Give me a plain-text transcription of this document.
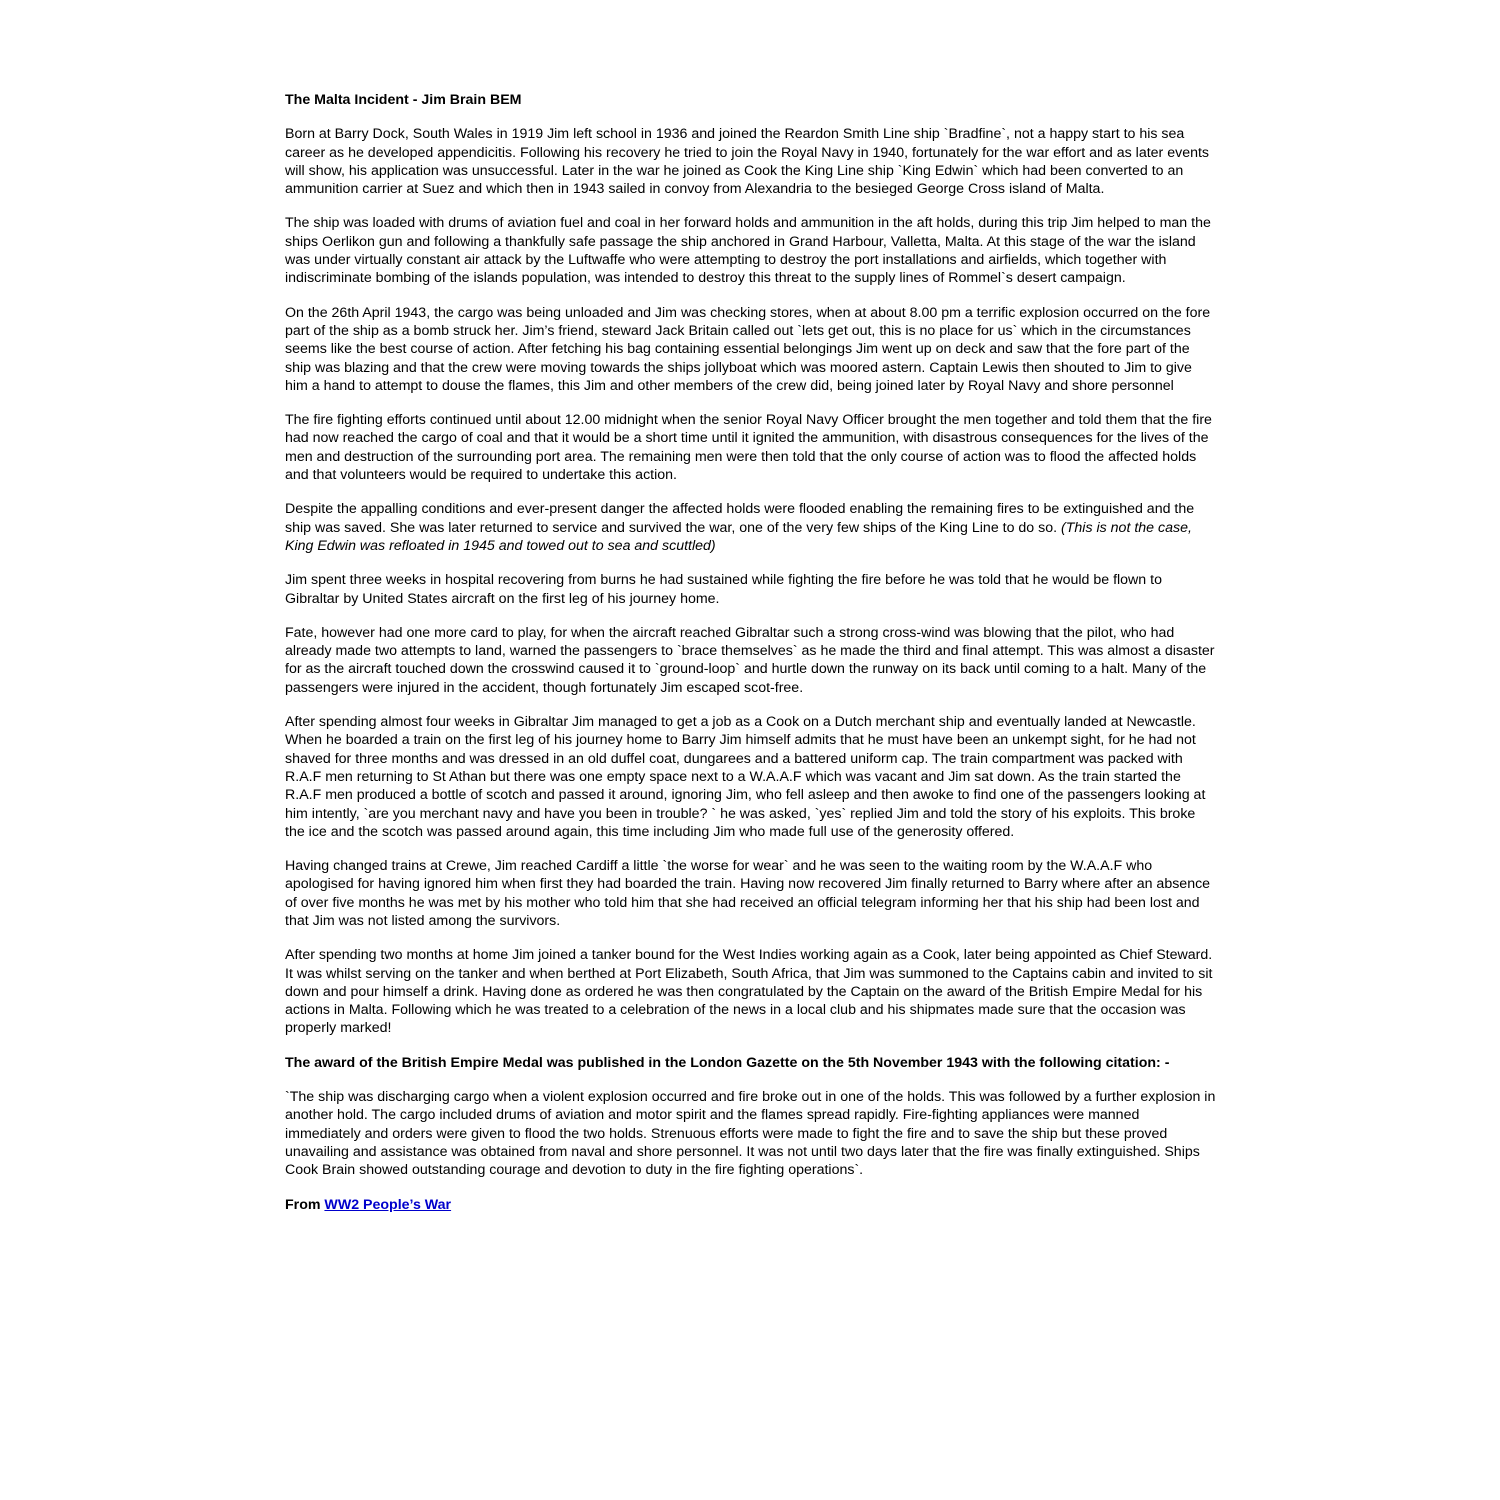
The Malta Incident - Jim Brain BEM

Born at Barry Dock, South Wales in 1919 Jim left school in 1936 and joined the Reardon Smith Line ship `Bradfine`, not a happy start to his sea career as he developed appendicitis. Following his recovery he tried to join the Royal Navy in 1940, fortunately for the war effort and as later events will show, his application was unsuccessful. Later in the war he joined as Cook the King Line ship `King Edwin` which had been converted to an ammunition carrier at Suez and which then in 1943 sailed in convoy from Alexandria to the besieged George Cross island of Malta.

The ship was loaded with drums of aviation fuel and coal in her forward holds and ammunition in the aft holds, during this trip Jim helped to man the ships Oerlikon gun and following a thankfully safe passage the ship anchored in Grand Harbour, Valletta, Malta. At this stage of the war the island was under virtually constant air attack by the Luftwaffe who were attempting to destroy the port installations and airfields, which together with indiscriminate bombing of the islands population, was intended to destroy this threat to the supply lines of Rommel`s desert campaign.

On the 26th April 1943, the cargo was being unloaded and Jim was checking stores, when at about 8.00 pm a terrific explosion occurred on the fore part of the ship as a bomb struck her. Jim’s friend, steward Jack Britain called out `lets get out, this is no place for us` which in the circumstances seems like the best course of action. After fetching his bag containing essential belongings Jim went up on deck and saw that the fore part of the ship was blazing and that the crew were moving towards the ships jollyboat which was moored astern. Captain Lewis then shouted to Jim to give him a hand to attempt to douse the flames, this Jim and other members of the crew did, being joined later by Royal Navy and shore personnel

The fire fighting efforts continued until about 12.00 midnight when the senior Royal Navy Officer brought the men together and told them that the fire had now reached the cargo of coal and that it would be a short time until it ignited the ammunition, with disastrous consequences for the lives of the men and destruction of the surrounding port area. The remaining men were then told that the only course of action was to flood the affected holds and that volunteers would be required to undertake this action.

Despite the appalling conditions and ever-present danger the affected holds were flooded enabling the remaining fires to be extinguished and the ship was saved. She was later returned to service and survived the war, one of the very few ships of the King Line to do so. (This is not the case, King Edwin was refloated in 1945 and towed out to sea and scuttled)

Jim spent three weeks in hospital recovering from burns he had sustained while fighting the fire before he was told that he would be flown to Gibraltar by United States aircraft on the first leg of his journey home.

Fate, however had one more card to play, for when the aircraft reached Gibraltar such a strong cross-wind was blowing that the pilot, who had already made two attempts to land, warned the passengers to `brace themselves` as he made the third and final attempt. This was almost a disaster for as the aircraft touched down the crosswind caused it to `ground-loop` and hurtle down the runway on its back until coming to a halt. Many of the passengers were injured in the accident, though fortunately Jim escaped scot-free.

After spending almost four weeks in Gibraltar Jim managed to get a job as a Cook on a Dutch merchant ship and eventually landed at Newcastle. When he boarded a train on the first leg of his journey home to Barry Jim himself admits that he must have been an unkempt sight, for he had not shaved for three months and was dressed in an old duffel coat, dungarees and a battered uniform cap. The train compartment was packed with R.A.F men returning to St Athan but there was one empty space next to a W.A.A.F which was vacant and Jim sat down. As the train started the R.A.F men produced a bottle of scotch and passed it around, ignoring Jim, who fell asleep and then awoke to find one of the passengers looking at him intently, `are you merchant navy and have you been in trouble? ` he was asked, `yes` replied Jim and told the story of his exploits. This broke the ice and the scotch was passed around again, this time including Jim who made full use of the generosity offered.

Having changed trains at Crewe, Jim reached Cardiff a little `the worse for wear` and he was seen to the waiting room by the W.A.A.F who apologised for having ignored him when first they had boarded the train. Having now recovered Jim finally returned to Barry where after an absence of over five months he was met by his mother who told him that she had received an official telegram informing her that his ship had been lost and that Jim was not listed among the survivors.

After spending two months at home Jim joined a tanker bound for the West Indies working again as a Cook, later being appointed as Chief Steward. It was whilst serving on the tanker and when berthed at Port Elizabeth, South Africa, that Jim was summoned to the Captains cabin and invited to sit down and pour himself a drink. Having done as ordered he was then congratulated by the Captain on the award of the British Empire Medal for his actions in Malta. Following which he was treated to a celebration of the news in a local club and his shipmates made sure that the occasion was properly marked!

The award of the British Empire Medal was published in the London Gazette on the 5th November 1943 with the following citation: -

`The ship was discharging cargo when a violent explosion occurred and fire broke out in one of the holds. This was followed by a further explosion in another hold. The cargo included drums of aviation and motor spirit and the flames spread rapidly. Fire-fighting appliances were manned immediately and orders were given to flood the two holds. Strenuous efforts were made to fight the fire and to save the ship but these proved unavailing and assistance was obtained from naval and shore personnel. It was not until two days later that the fire was finally extinguished. Ships Cook Brain showed outstanding courage and devotion to duty in the fire fighting operations`.

From WW2 People’s War
